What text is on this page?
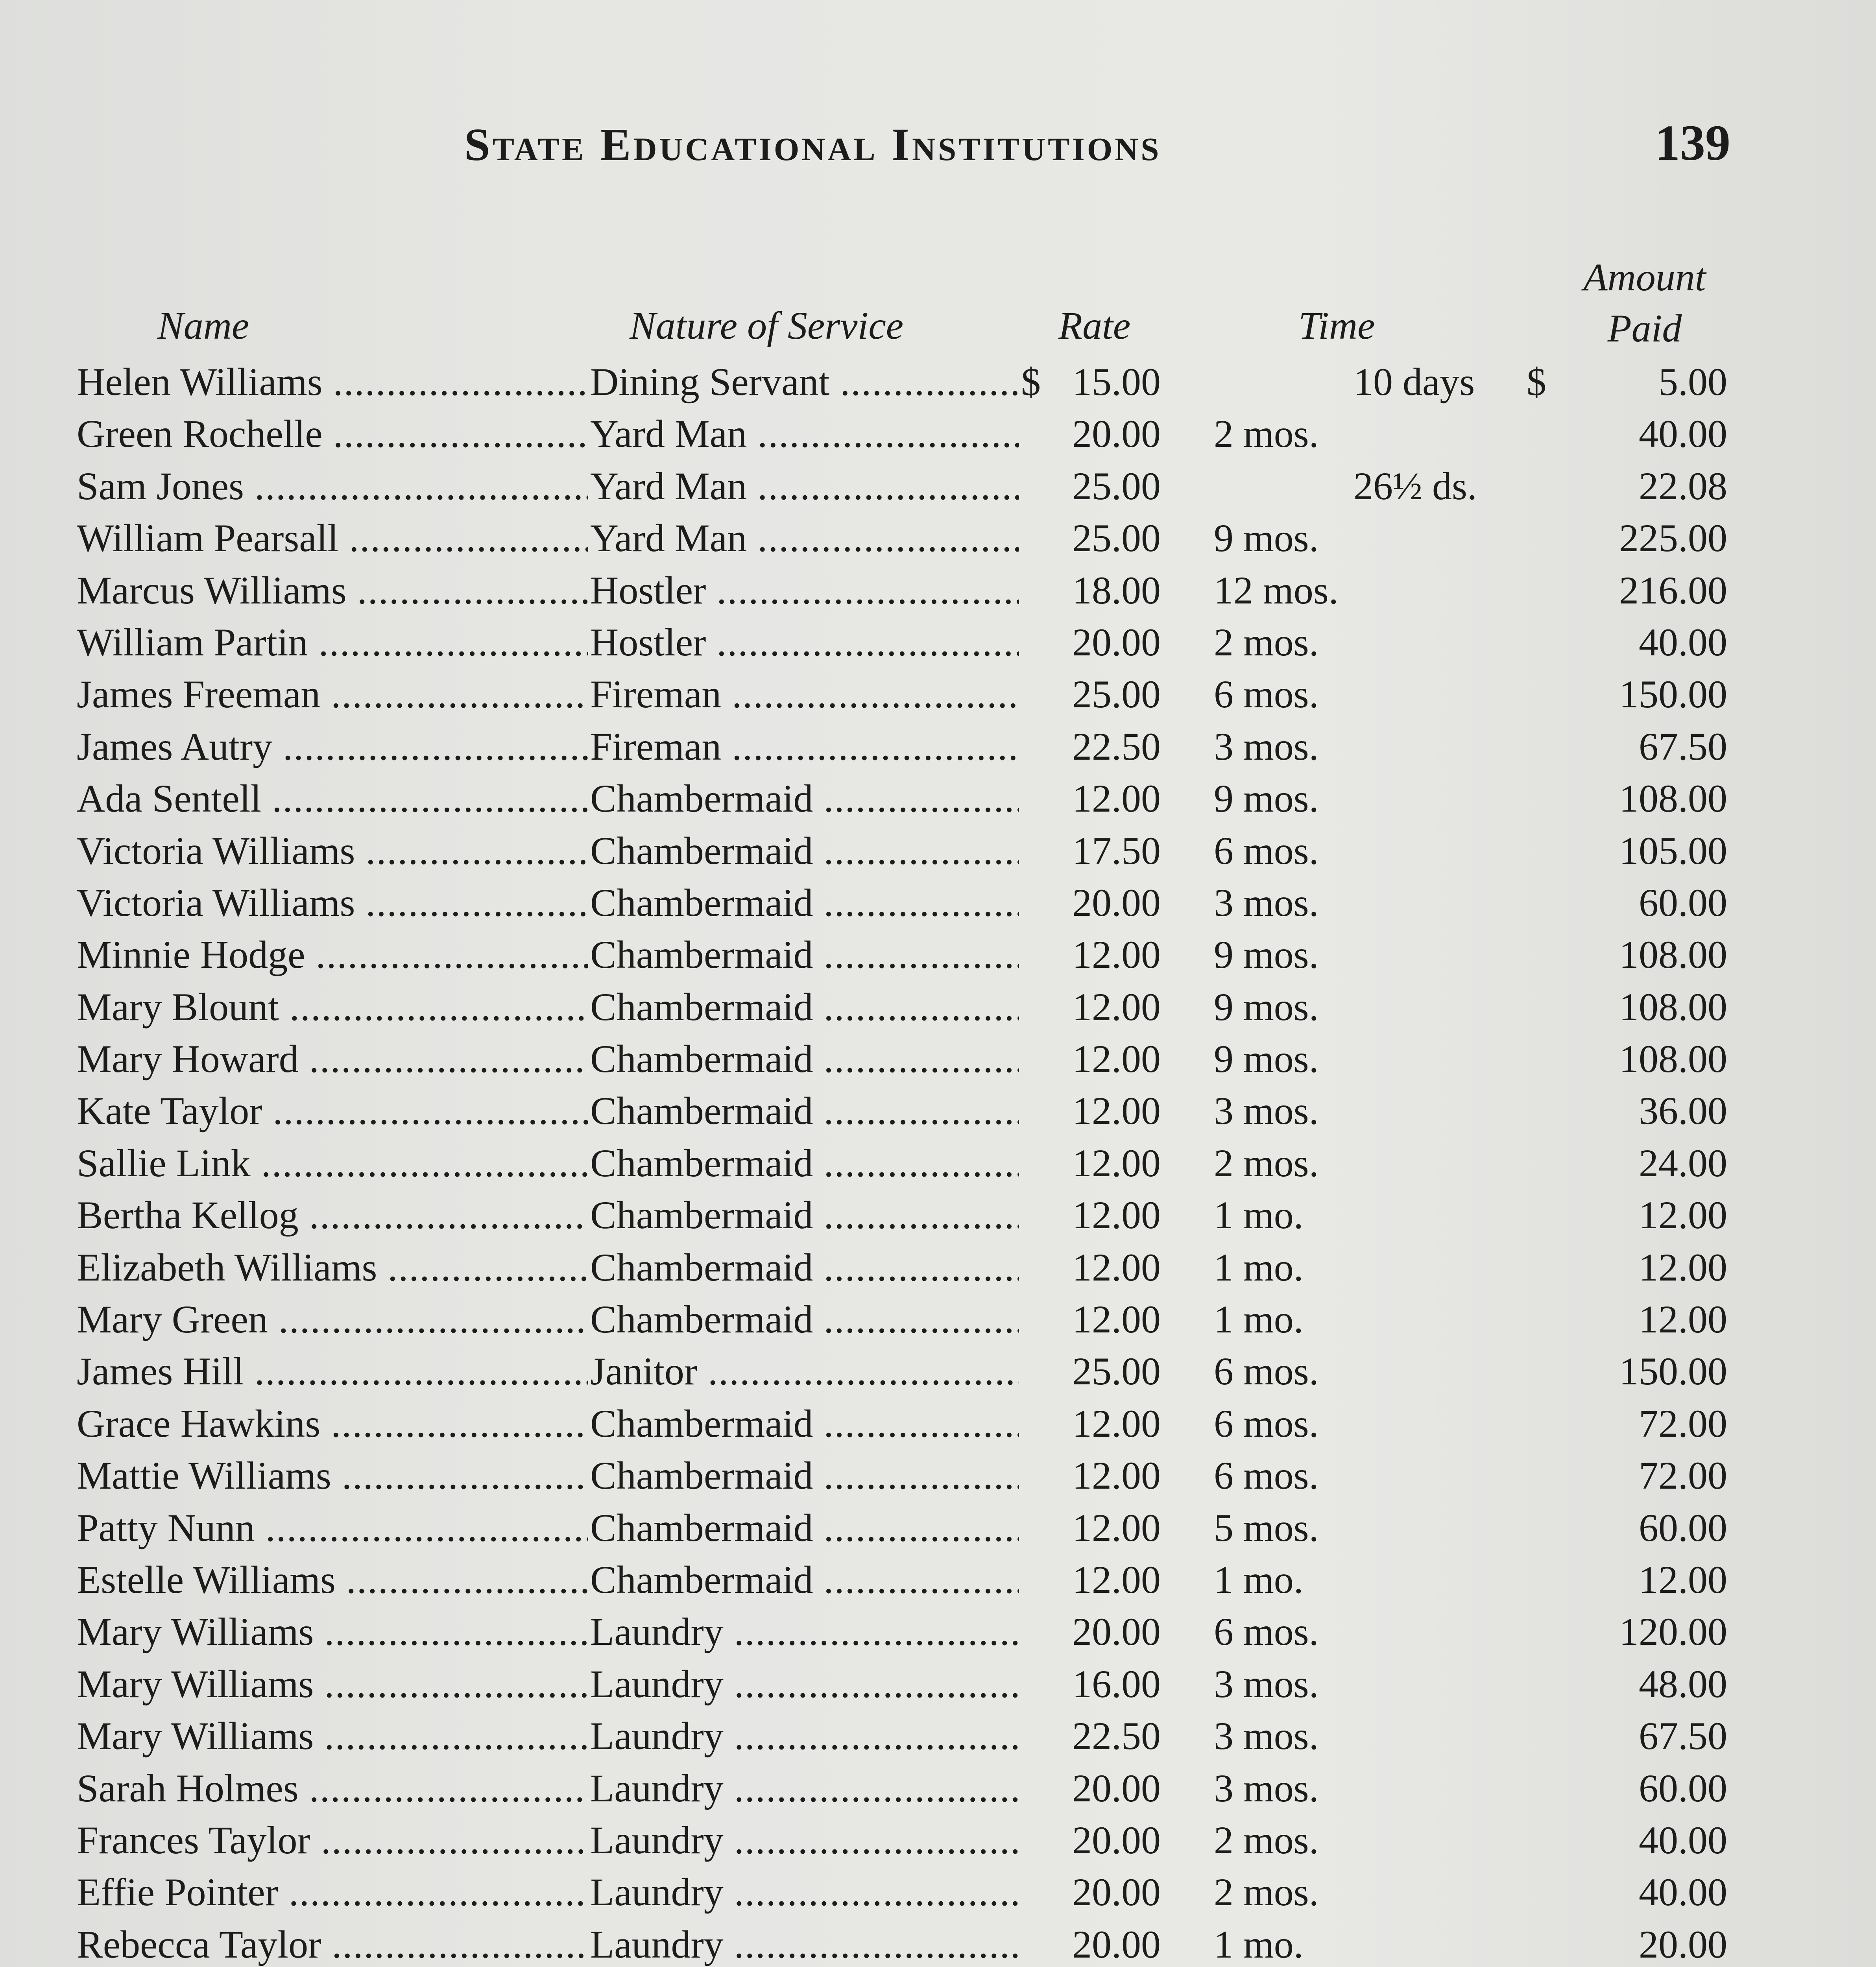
State Educational Institutions	139
Name	Nature of Service	Rate	Time
Amount
Paid
Helen Williams .....	Dining Servant .....	$ 15.00	10 days $	5.00
Green Rochelle .....	Yard Man .....	20.00 2 mos.	40.00
Sam Jones .....	Yard Man .....	25.00	26½ ds.	22.08
William Pearsall .....	Yard Man .....	25.00 9 mos.	225.00
Marcus Williams .....	Hostler .....	18.00 12 mos.	216.00
William Partin .....	Hostler .....	20.00 2 mos.	40.00
James Freeman .....	Fireman .....	25.00 6 mos.	150.00
James Autry .....	Fireman .....	22.50 3 mos.	67.50
Ada Sentell .....	Chambermaid .....	12.00 9 mos.	108.00
Victoria Williams .....	Chambermaid .....	17.50 6 mos.	105.00
Victoria Williams .....	Chambermaid .....	20.00 3 mos.	60.00
Minnie Hodge .....	Chambermaid .....	12.00 9 mos.	108.00
Mary Blount .....	Chambermaid .....	12.00 9 mos.	108.00
Mary Howard .....	Chambermaid .....	12.00 9 mos.	108.00
Kate Taylor .....	Chambermaid .....	12.00 3 mos.	36.00
Sallie Link .....	Chambermaid .....	12.00 2 mos.	24.00
Bertha Kellog .....	Chambermaid .....	12.00 1 mo.	12.00
Elizabeth Williams .....	Chambermaid .....	12.00 1 mo.	12.00
Mary Green .....	Chambermaid .....	12.00 1 mo.	12.00
James Hill .....	Janitor .....	25.00 6 mos.	150.00
Grace Hawkins .....	Chambermaid .....	12.00 6 mos.	72.00
Mattie Williams .....	Chambermaid .....	12.00 6 mos.	72.00
Patty Nunn .....	Chambermaid .....	12.00 5 mos.	60.00
Estelle Williams .....	Chambermaid .....	12.00 1 mo.	12.00
Mary Williams .....	Laundry .....	20.00 6 mos.	120.00
Mary Williams .....	Laundry .....	16.00 3 mos.	48.00
Mary Williams .....	Laundry .....	22.50 3 mos.	67.50
Sarah Holmes .....	Laundry .....	20.00 3 mos.	60.00
Frances Taylor .....	Laundry .....	20.00 2 mos.	40.00
Effie Pointer .....	Laundry .....	20.00 2 mos.	40.00
Rebecca Taylor .....	Laundry .....	20.00 1 mo.	20.00
